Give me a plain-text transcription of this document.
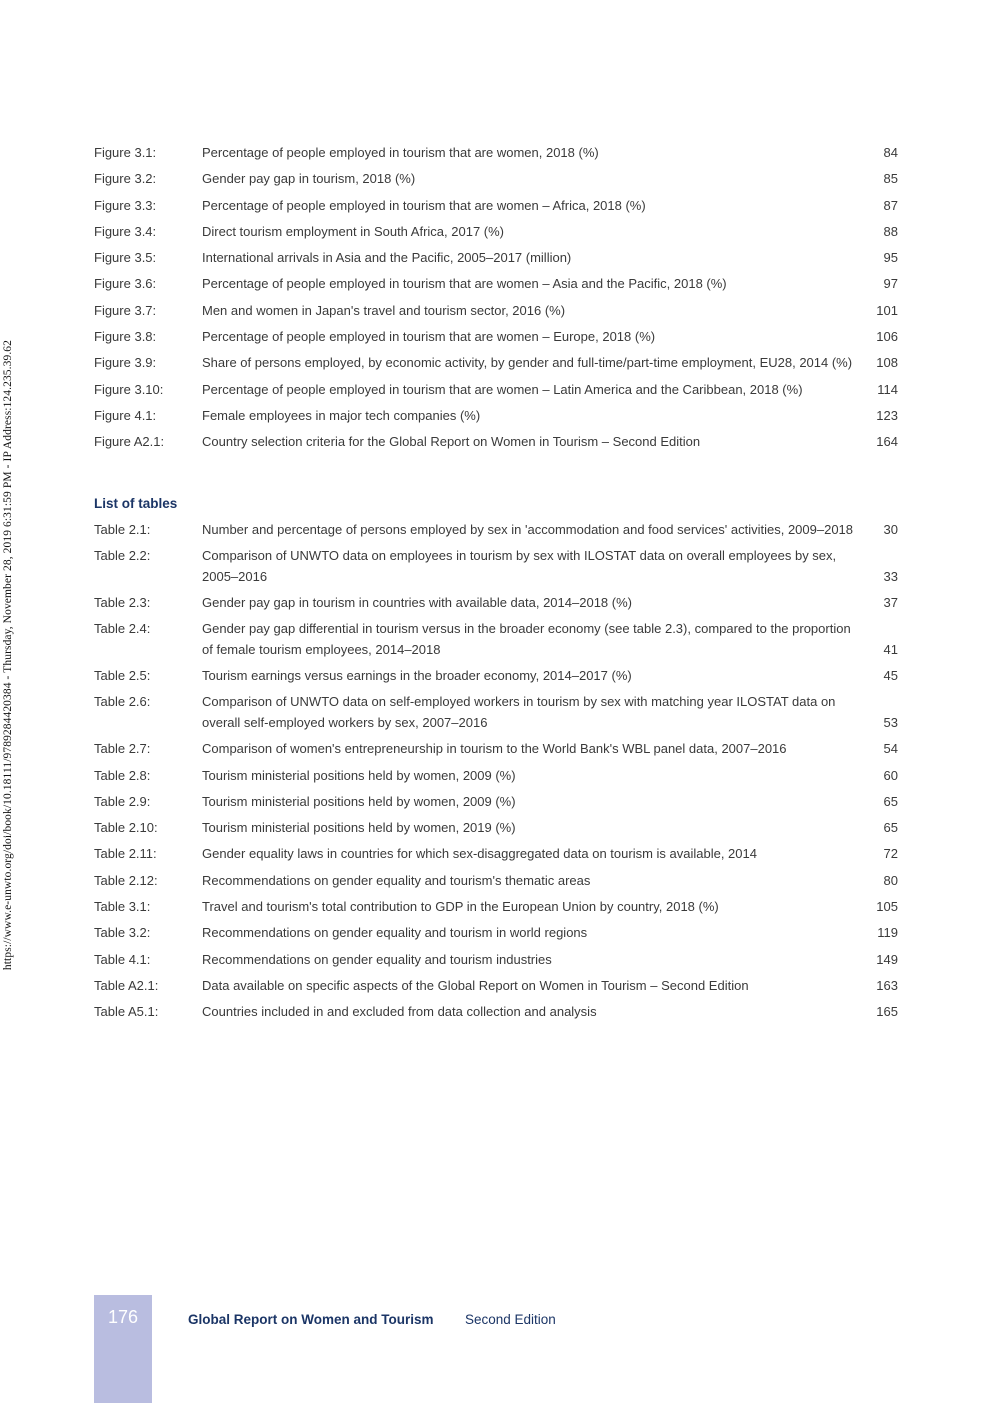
https://www.e-unwto.org/doi/book/10.18111/9789284420384 - Thursday, November 28, 2019 6:31:59 PM - IP Address:124.235.39.62
Figure 3.1:	Percentage of people employed in tourism that are women, 2018 (%)	84
Figure 3.2:	Gender pay gap in tourism, 2018 (%)	85
Figure 3.3:	Percentage of people employed in tourism that are women – Africa, 2018 (%)	87
Figure 3.4:	Direct tourism employment in South Africa, 2017 (%)	88
Figure 3.5:	International arrivals in Asia and the Pacific, 2005–2017 (million)	95
Figure 3.6:	Percentage of people employed in tourism that are women – Asia and the Pacific, 2018 (%)	97
Figure 3.7:	Men and women in Japan's travel and tourism sector, 2016 (%)	101
Figure 3.8:	Percentage of people employed in tourism that are women – Europe, 2018 (%)	106
Figure 3.9:	Share of persons employed, by economic activity, by gender and full-time/part-time employment, EU28, 2014 (%)	108
Figure 3.10:	Percentage of people employed in tourism that are women – Latin America and the Caribbean, 2018 (%)	114
Figure 4.1:	Female employees in major tech companies (%)	123
Figure A2.1:	Country selection criteria for the Global Report on Women in Tourism – Second Edition	164
List of tables
Table 2.1:	Number and percentage of persons employed by sex in 'accommodation and food services' activities, 2009–2018	30
Table 2.2:	Comparison of UNWTO data on employees in tourism by sex with ILOSTAT data on overall employees by sex, 2005–2016	33
Table 2.3:	Gender pay gap in tourism in countries with available data, 2014–2018 (%)	37
Table 2.4:	Gender pay gap differential in tourism versus in the broader economy (see table 2.3), compared to the proportion of female tourism employees, 2014–2018	41
Table 2.5:	Tourism earnings versus earnings in the broader economy, 2014–2017 (%)	45
Table 2.6:	Comparison of UNWTO data on self-employed workers in tourism by sex with matching year ILOSTAT data on overall self-employed workers by sex, 2007–2016	53
Table 2.7:	Comparison of women's entrepreneurship in tourism to the World Bank's WBL panel data, 2007–2016	54
Table 2.8:	Tourism ministerial positions held by women, 2009 (%)	60
Table 2.9:	Tourism ministerial positions held by women, 2009 (%)	65
Table 2.10:	Tourism ministerial positions held by women, 2019 (%)	65
Table 2.11:	Gender equality laws in countries for which sex-disaggregated data on tourism is available, 2014	72
Table 2.12:	Recommendations on gender equality and tourism's thematic areas	80
Table 3.1:	Travel and tourism's total contribution to GDP in the European Union by country, 2018 (%)	105
Table 3.2:	Recommendations on gender equality and tourism in world regions	119
Table 4.1:	Recommendations on gender equality and tourism industries	149
Table A2.1:	Data available on specific aspects of the Global Report on Women in Tourism – Second Edition	163
Table A5.1:	Countries included in and excluded from data collection and analysis	165
176	Global Report on Women and Tourism Second Edition
